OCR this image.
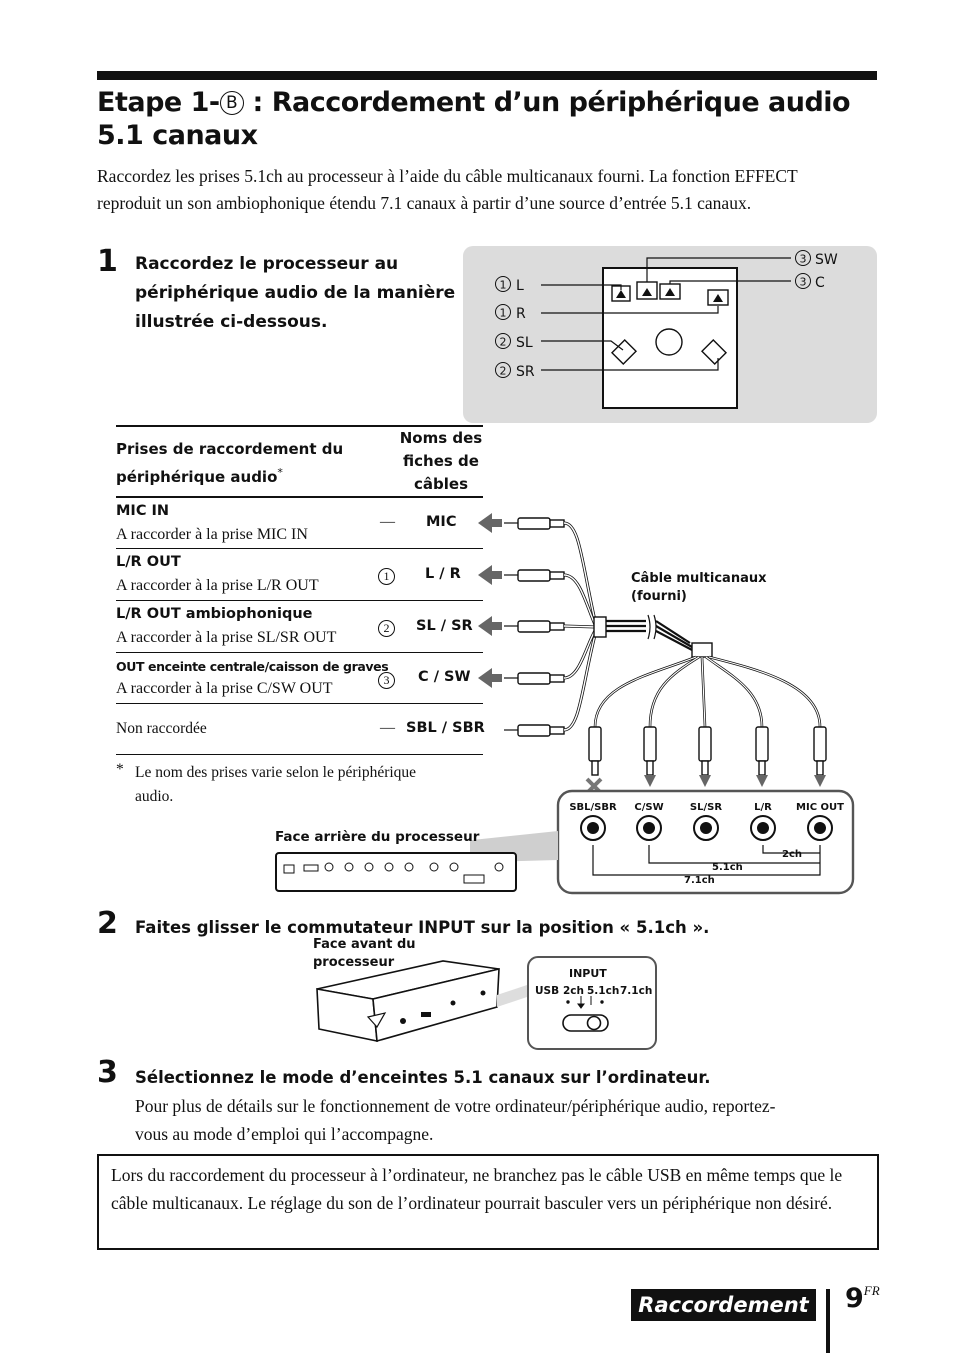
Etape 1- B : Raccordement d’un périphérique audio
5.1 canaux
Raccordez les prises 5.1ch au processeur à l’aide du câble multicanaux fourni. La fonction EFFECT reproduit un son ambiophonique étendu 7.1 canaux à partir d’une source d’entrée 5.1 canaux.
1 Raccordez le processeur au
périphérique audio de la manière
illustrée ci-dessous.
1 L
1 R
2 SL
2 SR
3 SW
3 C
Prises de raccordement du
périphérique audio*
Noms des
fiches de
câbles
MIC IN
A raccorder à la prise MIC IN
— MIC
L/R OUT
A raccorder à la prise L/R OUT
1	L / R
L/R OUT ambiophonique
A raccorder à la prise SL/SR OUT
2	SL / SR
OUT enceinte centrale/caisson de graves
A raccorder à la prise C/SW OUT	3	C / SW
Non raccordée	— SBL / SBR
* Le nom des prises varie selon le périphérique
audio.
Câble multicanaux
(fourni)
SBL/SBR C/SW	SL/SR	L/R MIC OUT
2ch
5.1ch
7.1ch
Face arrière du processeur
2 Faites glisser le commutateur INPUT sur la position « 5.1ch ».
Face avant du
processeur
INPUT
USB 2ch 5.1ch 7.1ch
3 Sélectionnez le mode d’enceintes 5.1 canaux sur l’ordinateur.
Pour plus de détails sur le fonctionnement de votre ordinateur/périphérique audio, reportez-
vous au mode d’emploi qui l’accompagne.
Lors du raccordement du processeur à l’ordinateur, ne branchez pas le câble USB en même temps que le câble multicanaux. Le réglage du son de l’ordinateur pourrait basculer vers un périphérique non désiré.
Raccordement $9^{FR}$
